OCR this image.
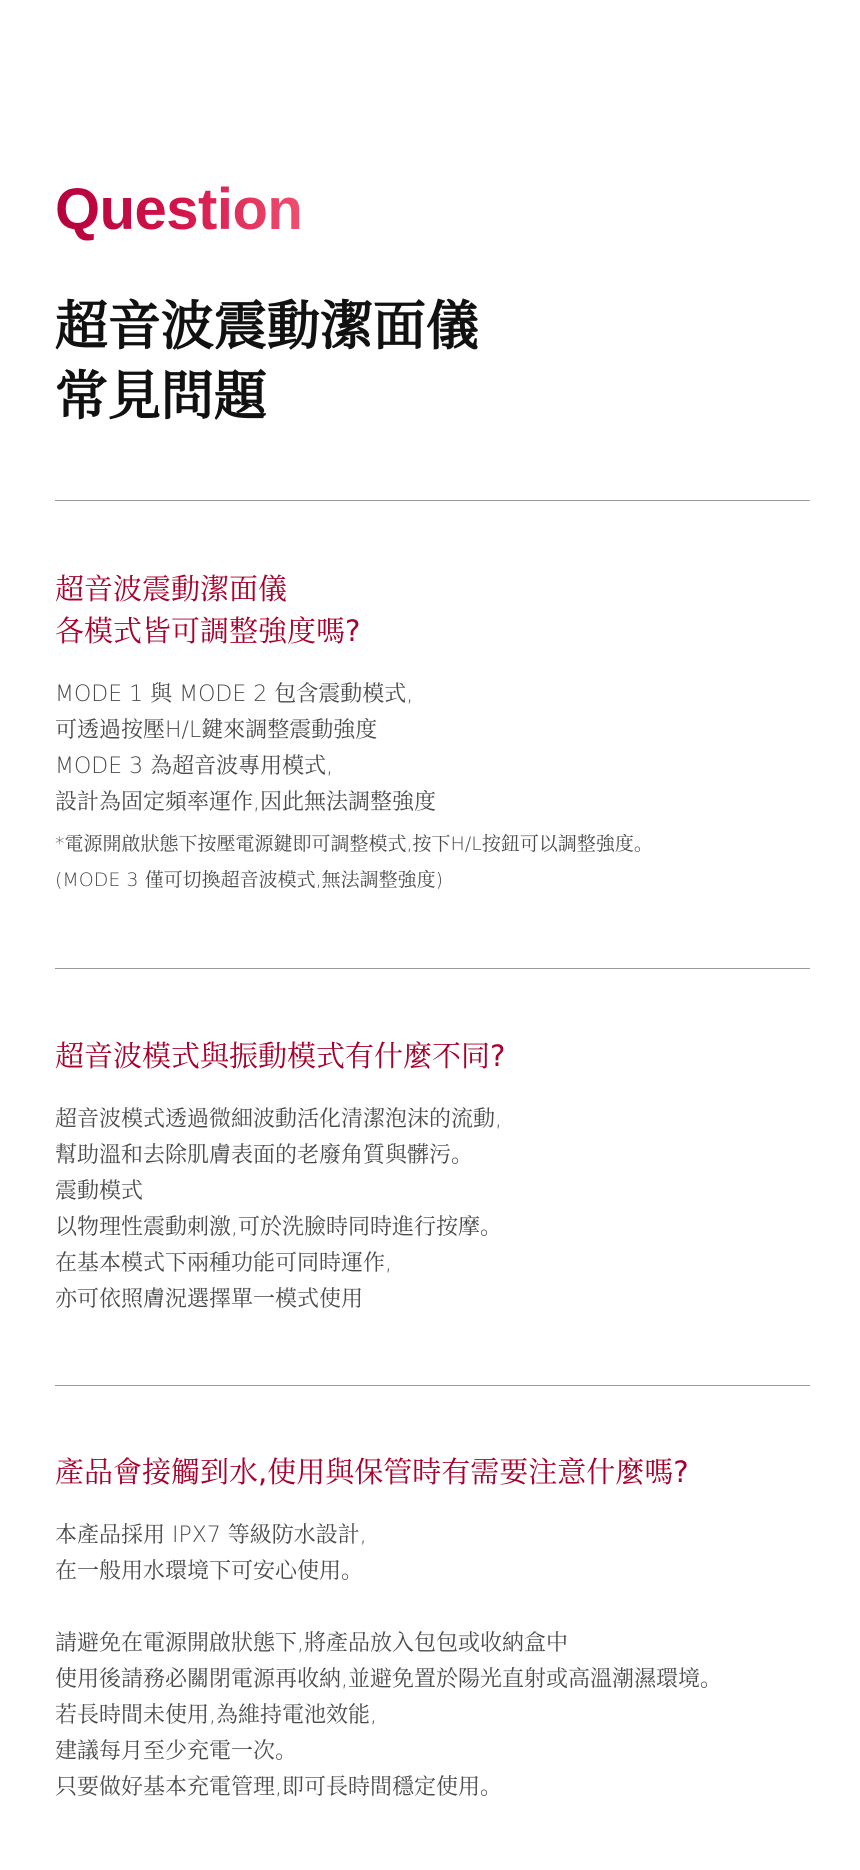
Question
超音波震動潔面儀
常見問題
超音波震動潔面儀
各模式皆可調整強度嗎?
MODE 1 與 MODE 2 包含震動模式,
可透過按壓H/L鍵來調整震動強度
MODE 3 為超音波專用模式,
設計為固定頻率運作,因此無法調整強度
*電源開啟狀態下按壓電源鍵即可調整模式,按下H/L按鈕可以調整強度。
(MODE 3 僅可切換超音波模式,無法調整強度)
超音波模式與振動模式有什麼不同?
超音波模式透過微細波動活化清潔泡沫的流動,
幫助溫和去除肌膚表面的老廢角質與髒污。
震動模式
以物理性震動刺激,可於洗臉時同時進行按摩。
在基本模式下兩種功能可同時運作,
亦可依照膚況選擇單一模式使用
產品會接觸到水,使用與保管時有需要注意什麼嗎?
本產品採用 IPX7 等級防水設計,
在一般用水環境下可安心使用。
請避免在電源開啟狀態下,將產品放入包包或收納盒中
使用後請務必關閉電源再收納,並避免置於陽光直射或高溫潮濕環境。
若長時間未使用,為維持電池效能,
建議每月至少充電一次。
只要做好基本充電管理,即可長時間穩定使用。
